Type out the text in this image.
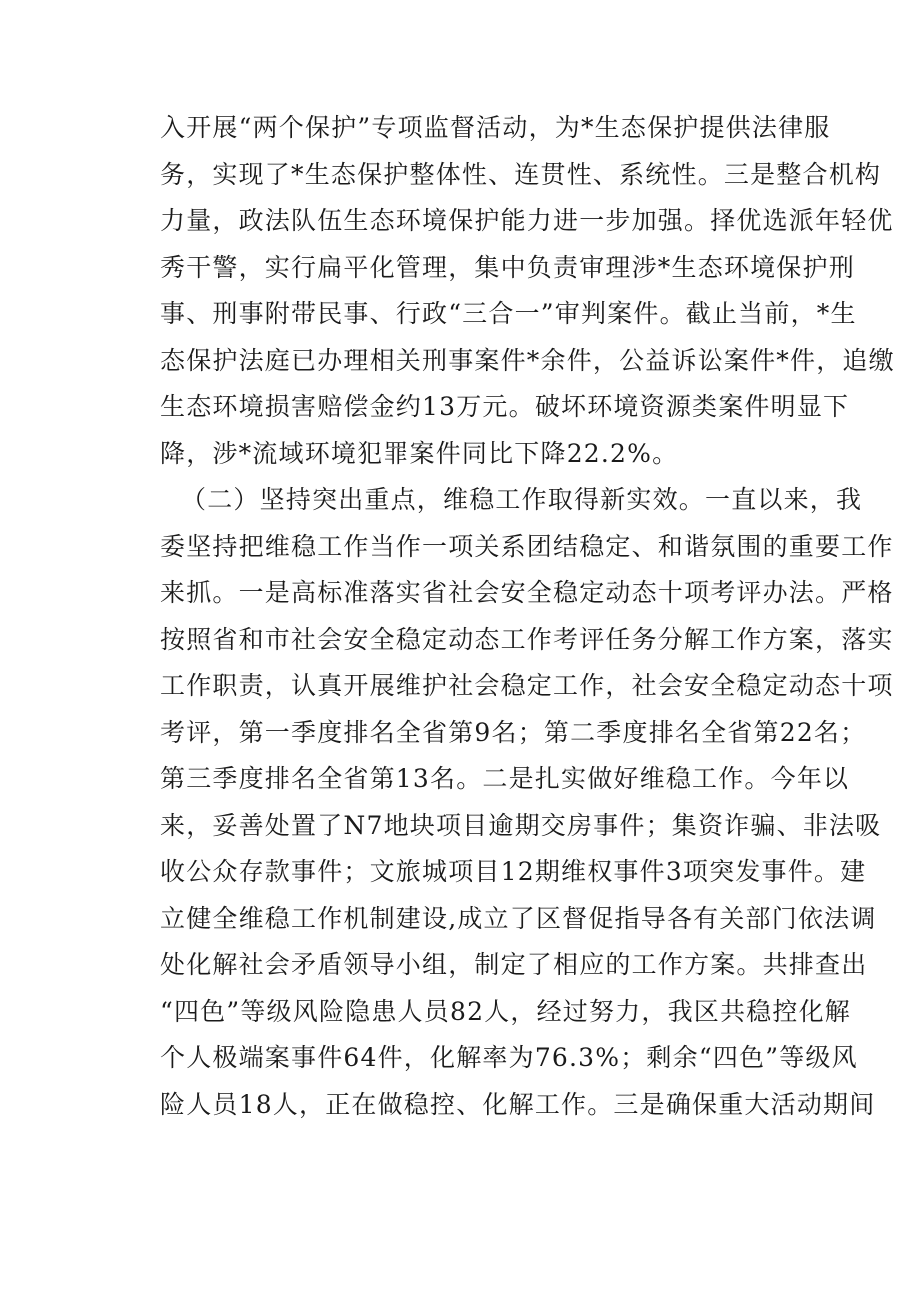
入开展“两个保护”专项监督活动，为*生态保护提供法律服

务，实现了*生态保护整体性、连贯性、系统性。三是整合机构

力量，政法队伍生态环境保护能力进一步加强。择优选派年轻优

秀干警，实行扁平化管理，集中负责审理涉*生态环境保护刑

事、刑事附带民事、行政“三合一”审判案件。截止当前，*生

态保护法庭已办理相关刑事案件*余件，公益诉讼案件*件，追缴

生态环境损害赔偿金约13万元。破坏环境资源类案件明显下

降，涉*流域环境犯罪案件同比下降22.2%。

（二）坚持突出重点，维稳工作取得新实效。一直以来，我

委坚持把维稳工作当作一项关系团结稳定、和谐氛围的重要工作

来抓。一是高标准落实省社会安全稳定动态十项考评办法。严格

按照省和市社会安全稳定动态工作考评任务分解工作方案，落实

工作职责，认真开展维护社会稳定工作，社会安全稳定动态十项

考评，第一季度排名全省第9名；第二季度排名全省第22名；

第三季度排名全省第13名。二是扎实做好维稳工作。今年以

来，妥善处置了N7地块项目逾期交房事件；集资诈骗、非法吸

收公众存款事件；文旅城项目12期维权事件3项突发事件。建

立健全维稳工作机制建设,成立了区督促指导各有关部门依法调

处化解社会矛盾领导小组，制定了相应的工作方案。共排查出

“四色”等级风险隐患人员82人，经过努力，我区共稳控化解

个人极端案事件64件，化解率为76.3%；剩余“四色”等级风

险人员18人，正在做稳控、化解工作。三是确保重大活动期间
